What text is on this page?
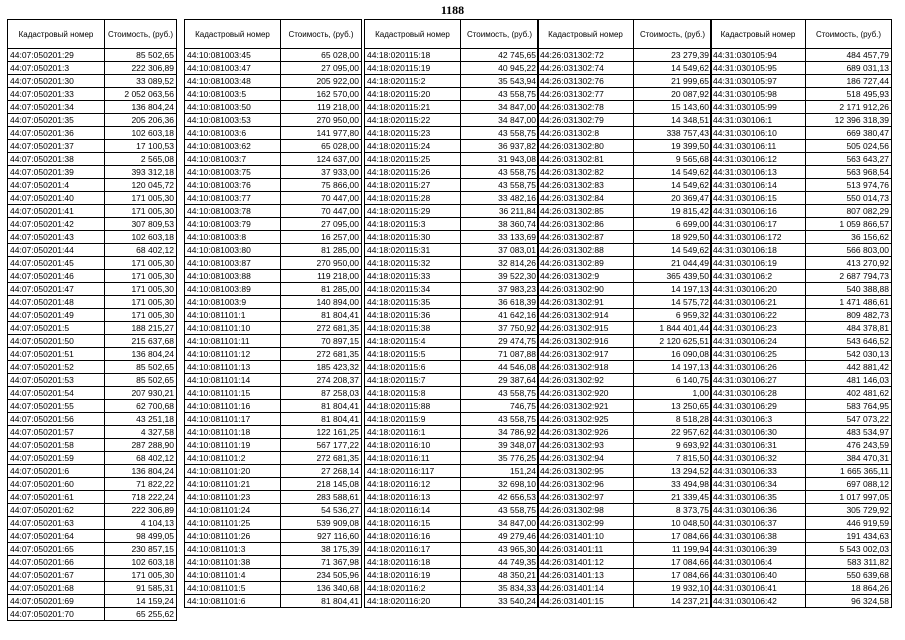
1188
Кадастровый номер	Стоимость, (руб.)
44:07:050201:29	85 502,65
44:07:050201:3	222 306,89
44:07:050201:30	33 089,52
44:07:050201:33	2 052 063,56
44:07:050201:34	136 804,24
44:07:050201:35	205 206,36
44:07:050201:36	102 603,18
44:07:050201:37	17 100,53
44:07:050201:38	2 565,08
44:07:050201:39	393 312,18
44:07:050201:4	120 045,72
44:07:050201:40	171 005,30
44:07:050201:41	171 005,30
44:07:050201:42	307 809,53
44:07:050201:43	102 603,18
44:07:050201:44	68 402,12
44:07:050201:45	171 005,30
44:07:050201:46	171 005,30
44:07:050201:47	171 005,30
44:07:050201:48	171 005,30
44:07:050201:49	171 005,30
44:07:050201:5	188 215,27
44:07:050201:50	215 637,68
44:07:050201:51	136 804,24
44:07:050201:52	85 502,65
44:07:050201:53	85 502,65
44:07:050201:54	207 930,21
44:07:050201:55	62 700,68
44:07:050201:56	43 251,18
44:07:050201:57	4 327,58
44:07:050201:58	287 288,90
44:07:050201:59	68 402,12
44:07:050201:6	136 804,24
44:07:050201:60	71 822,22
44:07:050201:61	718 222,24
44:07:050201:62	222 306,89
44:07:050201:63	4 104,13
44:07:050201:64	98 499,05
44:07:050201:65	230 857,15
44:07:050201:66	102 603,18
44:07:050201:67	171 005,30
44:07:050201:68	91 585,31
44:07:050201:69	14 159,24
44:07:050201:70	65 255,62
Кадастровый номер	Стоимость, (руб.)
44:10:081003:45	65 028,00
44:10:081003:47	27 095,00
44:10:081003:48	205 922,00
44:10:081003:5	162 570,00
44:10:081003:50	119 218,00
44:10:081003:53	270 950,00
44:10:081003:6	141 977,80
44:10:081003:62	65 028,00
44:10:081003:7	124 637,00
44:10:081003:75	37 933,00
44:10:081003:76	75 866,00
44:10:081003:77	70 447,00
44:10:081003:78	70 447,00
44:10:081003:79	27 095,00
44:10:081003:8	16 257,00
44:10:081003:80	81 285,00
44:10:081003:87	270 950,00
44:10:081003:88	119 218,00
44:10:081003:89	81 285,00
44:10:081003:9	140 894,00
44:10:081101:1	81 804,41
44:10:081101:10	272 681,35
44:10:081101:11	70 897,15
44:10:081101:12	272 681,35
44:10:081101:13	185 423,32
44:10:081101:14	274 208,37
44:10:081101:15	87 258,03
44:10:081101:16	81 804,41
44:10:081101:17	81 804,41
44:10:081101:18	122 161,25
44:10:081101:19	567 177,22
44:10:081101:2	272 681,35
44:10:081101:20	27 268,14
44:10:081101:21	218 145,08
44:10:081101:23	283 588,61
44:10:081101:24	54 536,27
44:10:081101:25	539 909,08
44:10:081101:26	927 116,60
44:10:081101:3	38 175,39
44:10:081101:38	71 367,98
44:10:081101:4	234 505,96
44:10:081101:5	136 340,68
44:10:081101:6	81 804,41
Кадастровый номер	Стоимость, (руб.)
44:18:020115:18	42 745,65
44:18:020115:19	40 945,22
44:18:020115:2	35 543,94
44:18:020115:20	43 558,75
44:18:020115:21	34 847,00
44:18:020115:22	34 847,00
44:18:020115:23	43 558,75
44:18:020115:24	36 937,82
44:18:020115:25	31 943,08
44:18:020115:26	43 558,75
44:18:020115:27	43 558,75
44:18:020115:28	33 482,16
44:18:020115:29	36 211,84
44:18:020115:3	38 360,74
44:18:020115:30	33 133,69
44:18:020115:31	37 083,01
44:18:020115:32	32 814,26
44:18:020115:33	39 522,30
44:18:020115:34	37 983,23
44:18:020115:35	36 618,39
44:18:020115:36	41 642,16
44:18:020115:38	37 750,92
44:18:020115:4	29 474,75
44:18:020115:5	71 087,88
44:18:020115:6	44 546,08
44:18:020115:7	29 387,64
44:18:020115:8	43 558,75
44:18:020115:88	746,75
44:18:020115:9	43 558,75
44:18:020116:1	34 786,92
44:18:020116:10	39 348,07
44:18:020116:11	35 776,25
44:18:020116:117	151,24
44:18:020116:12	32 698,10
44:18:020116:13	42 656,53
44:18:020116:14	43 558,75
44:18:020116:15	34 847,00
44:18:020116:16	49 279,46
44:18:020116:17	43 965,30
44:18:020116:18	44 749,35
44:18:020116:19	48 350,21
44:18:020116:2	35 834,33
44:18:020116:20	33 540,24
Кадастровый номер	Стоимость, (руб.)
44:26:031302:72	23 279,39
44:26:031302:74	14 549,62
44:26:031302:76	21 999,65
44:26:031302:77	20 087,92
44:26:031302:78	15 143,60
44:26:031302:79	14 348,51
44:26:031302:8	338 757,43
44:26:031302:80	19 399,50
44:26:031302:81	9 565,68
44:26:031302:82	14 549,62
44:26:031302:83	14 549,62
44:26:031302:84	20 369,47
44:26:031302:85	19 815,42
44:26:031302:86	6 699,00
44:26:031302:87	18 929,50
44:26:031302:88	14 549,62
44:26:031302:89	21 044,49
44:26:031302:9	365 439,50
44:26:031302:90	14 197,13
44:26:031302:91	14 575,72
44:26:031302:914	6 959,32
44:26:031302:915	1 844 401,44
44:26:031302:916	2 120 625,51
44:26:031302:917	16 090,08
44:26:031302:918	14 197,13
44:26:031302:92	6 140,75
44:26:031302:920	1,00
44:26:031302:921	13 250,65
44:26:031302:925	8 518,28
44:26:031302:926	22 957,62
44:26:031302:93	9 693,92
44:26:031302:94	7 815,50
44:26:031302:95	13 294,52
44:26:031302:96	33 494,98
44:26:031302:97	21 339,45
44:26:031302:98	8 373,75
44:26:031302:99	10 048,50
44:26:031401:10	17 084,66
44:26:031401:11	11 199,94
44:26:031401:12	17 084,66
44:26:031401:13	17 084,66
44:26:031401:14	19 932,10
44:26:031401:15	14 237,21
Кадастровый номер	Стоимость, (руб.)
44:31:030105:94	484 457,79
44:31:030105:95	689 031,13
44:31:030105:97	186 727,44
44:31:030105:98	518 495,93
44:31:030105:99	2 171 912,26
44:31:030106:1	12 396 318,39
44:31:030106:10	669 380,47
44:31:030106:11	505 024,56
44:31:030106:12	563 643,27
44:31:030106:13	563 968,54
44:31:030106:14	513 974,76
44:31:030106:15	550 014,73
44:31:030106:16	807 082,29
44:31:030106:17	1 059 866,57
44:31:030106:172	36 156,62
44:31:030106:18	566 803,00
44:31:030106:19	413 270,92
44:31:030106:2	2 687 794,73
44:31:030106:20	540 388,88
44:31:030106:21	1 471 486,61
44:31:030106:22	809 482,73
44:31:030106:23	484 378,81
44:31:030106:24	543 646,52
44:31:030106:25	542 030,13
44:31:030106:26	442 881,42
44:31:030106:27	481 146,03
44:31:030106:28	402 481,62
44:31:030106:29	583 764,95
44:31:030106:3	547 073,22
44:31:030106:30	483 534,97
44:31:030106:31	476 243,59
44:31:030106:32	384 470,31
44:31:030106:33	1 665 365,11
44:31:030106:34	697 088,12
44:31:030106:35	1 017 997,05
44:31:030106:36	305 729,92
44:31:030106:37	446 919,59
44:31:030106:38	191 434,63
44:31:030106:39	5 543 002,03
44:31:030106:4	583 311,82
44:31:030106:40	550 639,68
44:31:030106:41	18 864,26
44:31:030106:42	96 324,58
